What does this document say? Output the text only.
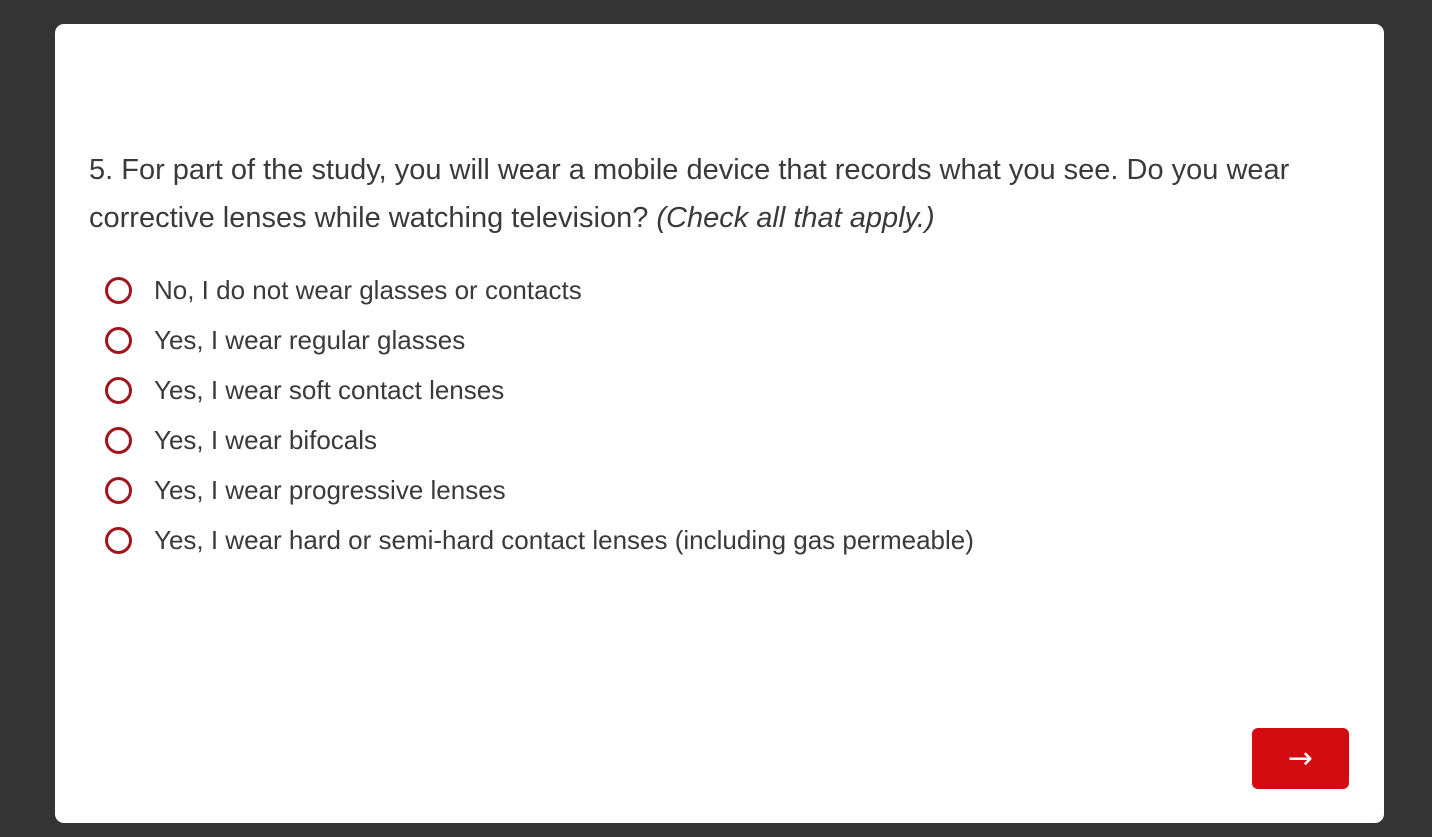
5. For part of the study, you will wear a mobile device that records what you see. Do you wear corrective lenses while watching television? (Check all that apply.)

No, I do not wear glasses or contacts
Yes, I wear regular glasses
Yes, I wear soft contact lenses
Yes, I wear bifocals
Yes, I wear progressive lenses
Yes, I wear hard or semi-hard contact lenses (including gas permeable)
→
